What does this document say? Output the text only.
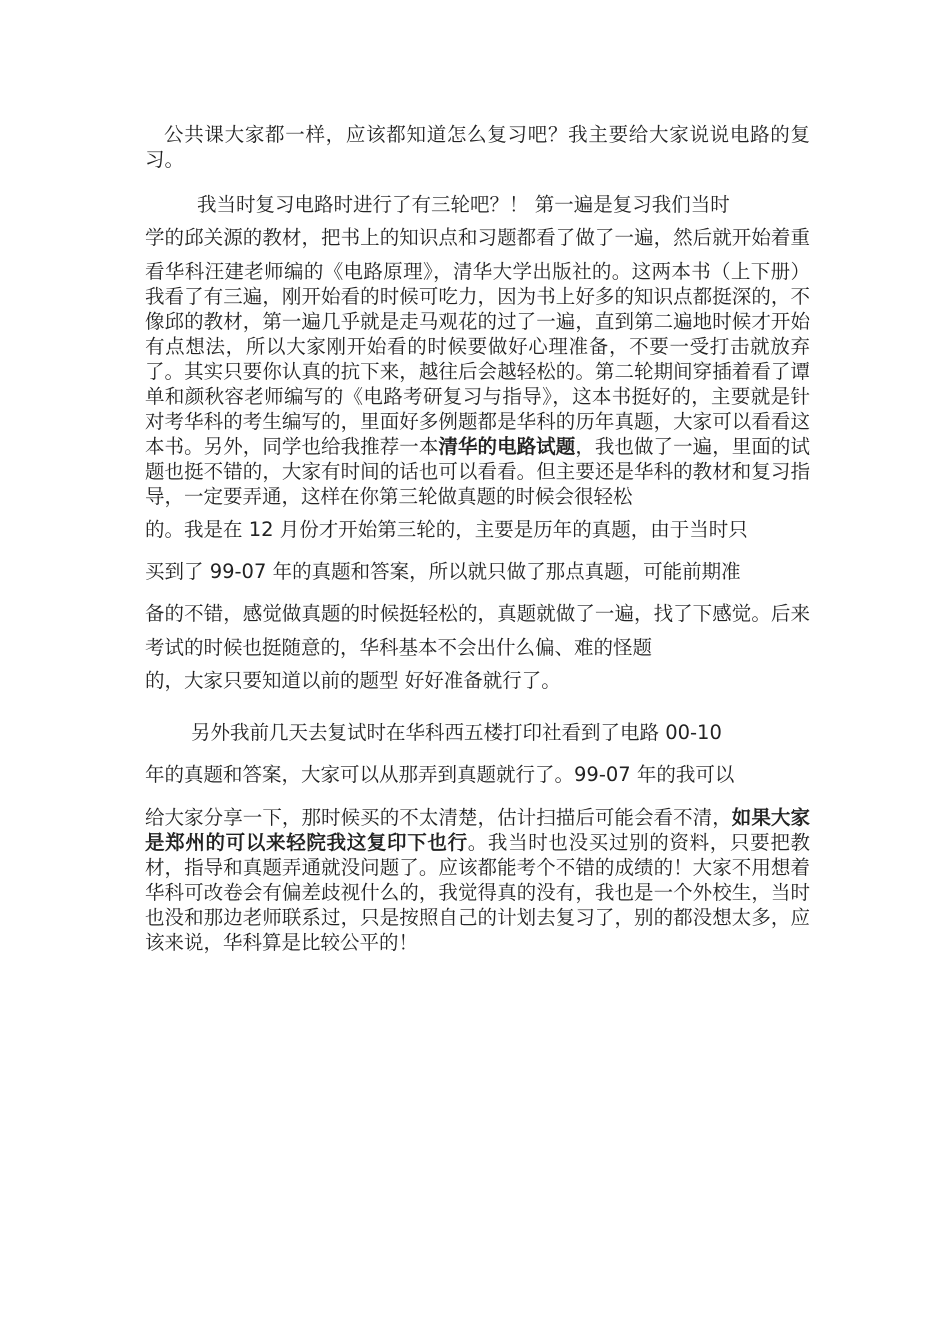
公共课大家都一样，应该都知道怎么复习吧？我主要给大家说说电路的复习。

我当时复习电路时进行了有三轮吧？！ 第一遍是复习我们当时
学的邱关源的教材，把书上的知识点和习题都看了做了一遍，然后就开始着重看华科汪建老师编的《电路原理》，清华大学出版社的。这两本书（上下册）我看了有三遍，刚开始看的时候可吃力，因为书上好多的知识点都挺深的，不像邱的教材，第一遍几乎就是走马观花的过了一遍，直到第二遍地时候才开始有点想法，所以大家刚开始看的时候要做好心理准备，不要一受打击就放弃了。其实只要你认真的抗下来，越往后会越轻松的。第二轮期间穿插着看了谭单和颜秋容老师编写的《电路考研复习与指导》，这本书挺好的，主要就是针对考华科的考生编写的，里面好多例题都是华科的历年真题，大家可以看看这本书。另外，同学也给我推荐一本清华的电路试题，我也做了一遍，里面的试题也挺不错的，大家有时间的话也可以看看。但主要还是华科的教材和复习指导，一定要弄通，这样在你第三轮做真题的时候会很轻松
的。我是在 12 月份才开始第三轮的，主要是历年的真题，由于当时只
买到了 99-07 年的真题和答案，所以就只做了那点真题，可能前期准
备的不错，感觉做真题的时候挺轻松的，真题就做了一遍，找了下感觉。后来考试的时候也挺随意的，华科基本不会出什么偏、难的怪题
的，大家只要知道以前的题型 好好准备就行了。

另外我前几天去复试时在华科西五楼打印社看到了电路 00-10
年的真题和答案，大家可以从那弄到真题就行了。99-07 年的我可以
给大家分享一下，那时候买的不太清楚，估计扫描后可能会看不清，如果大家是郑州的可以来轻院我这复印下也行。我当时也没买过别的资料，只要把教材，指导和真题弄通就没问题了。应该都能考个不错的成绩的！大家不用想着华科可改卷会有偏差歧视什么的，我觉得真的没有，我也是一个外校生，当时也没和那边老师联系过，只是按照自己的计划去复习了，别的都没想太多，应该来说，华科算是比较公平的！
